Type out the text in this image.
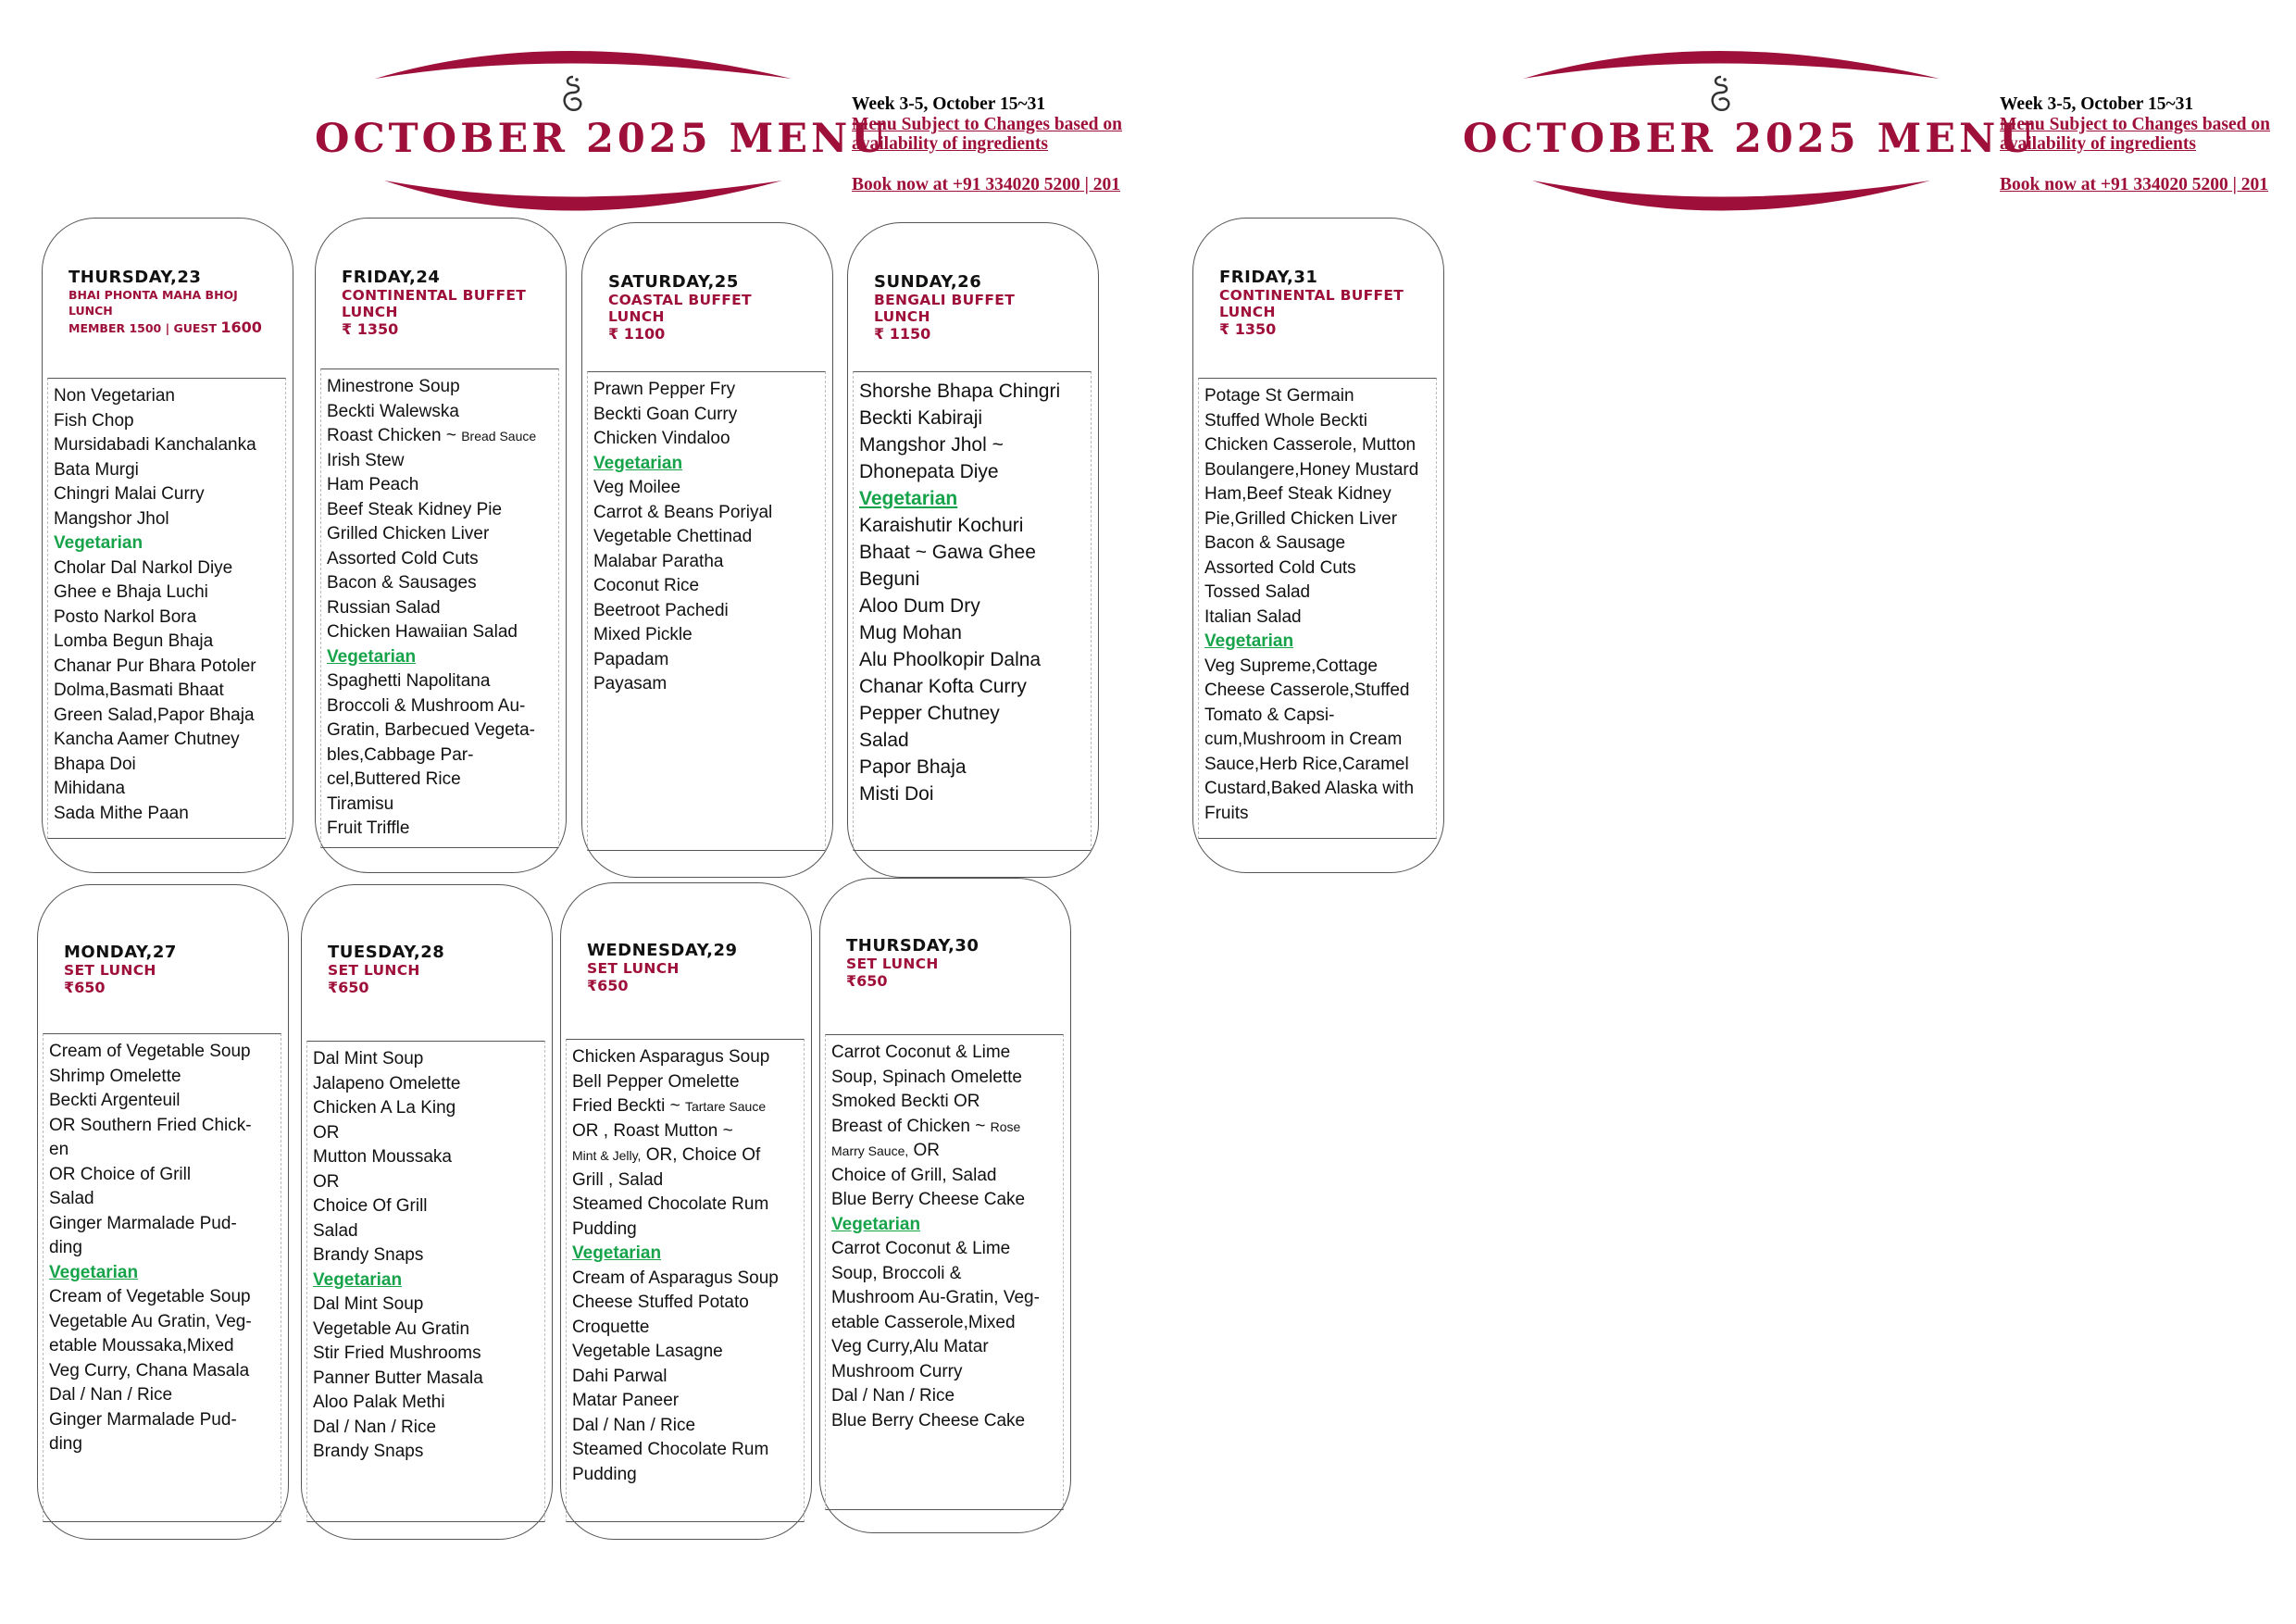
OCTOBER 2025 MENU
Week 3-5, October 15~31
Menu Subject to Changes based on
availability of ingredients
Book now at +91 334020 5200 | 201
OCTOBER 2025 MENU
Week 3-5, October 15~31
Menu Subject to Changes based on
availability of ingredients
Book now at +91 334020 5200 | 201
THURSDAY,23
BHAI PHONTA MAHA BHOJ
LUNCH
MEMBER 1500 | GUEST 1600
Non Vegetarian
Fish Chop
Mursidabadi Kanchalanka
Bata Murgi
Chingri Malai Curry
Mangshor Jhol
Vegetarian
Cholar Dal Narkol Diye
Ghee e Bhaja Luchi
Posto Narkol Bora
Lomba Begun Bhaja
Chanar Pur Bhara Potoler
Dolma,Basmati Bhaat
Green Salad,Papor Bhaja
Kancha Aamer Chutney
Bhapa Doi
Mihidana
Sada Mithe Paan
FRIDAY,24
CONTINENTAL BUFFET
LUNCH
₹ 1350
Minestrone Soup
Beckti Walewska
Roast Chicken ~ Bread Sauce
Irish Stew
Ham Peach
Beef Steak Kidney Pie
Grilled Chicken Liver
Assorted Cold Cuts
Bacon & Sausages
Russian Salad
Chicken Hawaiian Salad
Vegetarian
Spaghetti Napolitana
Broccoli & Mushroom Au-
Gratin, Barbecued Vegeta-
bles,Cabbage Par-
cel,Buttered Rice
Tiramisu
Fruit Triffle
SATURDAY,25
COASTAL BUFFET
LUNCH
₹ 1100
Prawn Pepper Fry
Beckti Goan Curry
Chicken Vindaloo
Vegetarian
Veg Moilee
Carrot & Beans Poriyal
Vegetable Chettinad
Malabar Paratha
Coconut Rice
Beetroot Pachedi
Mixed Pickle
Papadam
Payasam
SUNDAY,26
BENGALI BUFFET
LUNCH
₹ 1150
Shorshe Bhapa Chingri
Beckti Kabiraji
Mangshor Jhol ~
Dhonepata Diye
Vegetarian
Karaishutir Kochuri
Bhaat ~ Gawa Ghee
Beguni
Aloo Dum Dry
Mug Mohan
Alu Phoolkopir Dalna
Chanar Kofta Curry
Pepper Chutney
Salad
Papor Bhaja
Misti Doi
FRIDAY,31
CONTINENTAL BUFFET
LUNCH
₹ 1350
Potage St Germain
Stuffed Whole Beckti
Chicken Casserole, Mutton
Boulangere,Honey Mustard
Ham,Beef Steak Kidney
Pie,Grilled Chicken Liver
Bacon & Sausage
Assorted Cold Cuts
Tossed Salad
Italian Salad
Vegetarian
Veg Supreme,Cottage
Cheese Casserole,Stuffed
Tomato & Capsi-
cum,Mushroom in Cream
Sauce,Herb Rice,Caramel
Custard,Baked Alaska with
Fruits
MONDAY,27
SET LUNCH
₹650
Cream of Vegetable Soup
Shrimp Omelette
Beckti Argenteuil
OR Southern Fried Chick-
en
OR Choice of Grill
Salad
Ginger Marmalade Pud-
ding
Vegetarian
Cream of Vegetable Soup
Vegetable Au Gratin, Veg-
etable Moussaka,Mixed
Veg Curry, Chana Masala
Dal / Nan / Rice
Ginger Marmalade Pud-
ding
TUESDAY,28
SET LUNCH
₹650
Dal Mint Soup
Jalapeno Omelette
Chicken A La King
OR
Mutton Moussaka
OR
Choice Of Grill
Salad
Brandy Snaps
Vegetarian
Dal Mint Soup
Vegetable Au Gratin
Stir Fried Mushrooms
Panner Butter Masala
Aloo Palak Methi
Dal / Nan / Rice
Brandy Snaps
WEDNESDAY,29
SET LUNCH
₹650
Chicken Asparagus Soup
Bell Pepper Omelette
Fried Beckti ~ Tartare Sauce
OR , Roast Mutton ~
Mint & Jelly, OR, Choice Of
Grill , Salad
Steamed Chocolate Rum
Pudding
Vegetarian
Cream of Asparagus Soup
Cheese Stuffed Potato
Croquette
Vegetable Lasagne
Dahi Parwal
Matar Paneer
Dal / Nan / Rice
Steamed Chocolate Rum
Pudding
THURSDAY,30
SET LUNCH
₹650
Carrot Coconut & Lime
Soup, Spinach Omelette
Smoked Beckti OR
Breast of Chicken ~ Rose
Marry Sauce, OR
Choice of Grill, Salad
Blue Berry Cheese Cake
Vegetarian
Carrot Coconut & Lime
Soup, Broccoli &
Mushroom Au-Gratin, Veg-
etable Casserole,Mixed
Veg Curry,Alu Matar
Mushroom Curry
Dal / Nan / Rice
Blue Berry Cheese Cake
